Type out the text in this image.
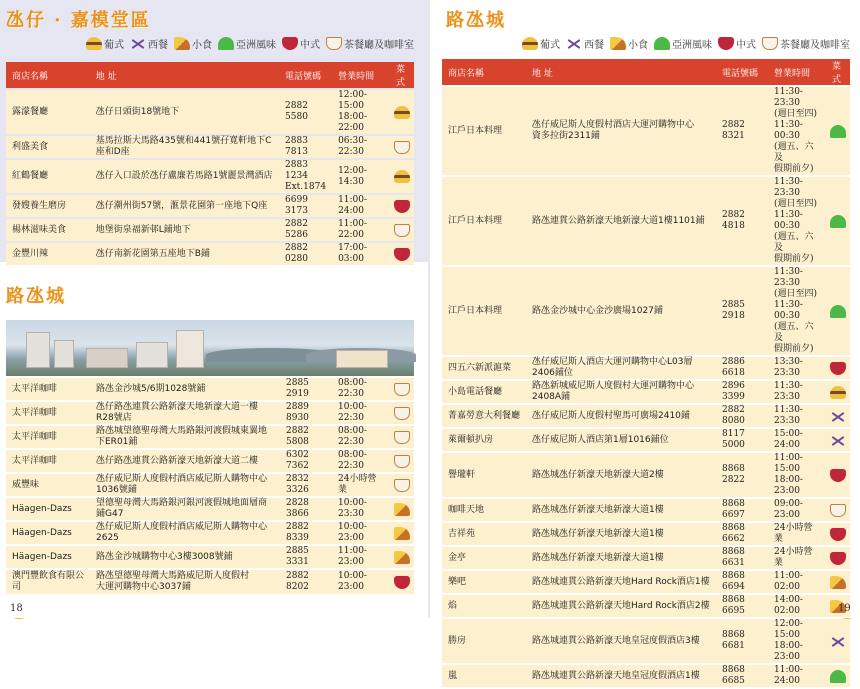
氹仔 · 嘉模堂區
葡式 西餐 小食 亞洲風味 中式 茶餐廳及咖啡室
商店名稱	地 址	電話號碼	營業時間	菜式
露濛餐廳	氹仔日頭街18號地下	2882 5580	12:00-15:00
18:00-22:00	
利盛美食	基馬拉斯大馬路435號和441號孖寬軒地下C座和D座	2883 7813	06:30-22:30	
紅鶴餐廳	氹仔入口設於氹仔盧廉若馬路1號麗景灣酒店	2883 1234
Ext.1874	12:00-14:30	
發嫂養生磨房	氹仔潮州街57號，滙景花園第一座地下Q座	6699 3173	11:00-24:00	
楊林滋味美食	地堡街泉福新邨L鋪地下	2882 5286	11:00-22:00	
金豐川辣	氹仔南新花園第五座地下B鋪	2882 0280	17:00-03:00	
路氹城
太平洋咖啡	路氹金沙城5/6期1028號鋪	2885 2919	08:00-22:30	
太平洋咖啡	氹仔路氹連貫公路新濠天地新濠大道一樓R28號店	2889 8930	10:00-22:30	
太平洋咖啡	路氹城望德聖母灣大馬路銀河渡假城東翼地下ER01鋪	2882 5808	08:00-22:30	
太平洋咖啡	氹仔路氹連貫公路新濠天地新濠大道二樓	6302 7362	08:00-22:30	
威豐味	氹仔威尼斯人度假村酒店威尼斯人購物中心1036號鋪	2832 3326	24小時營業	
Häagen-Dazs	望德聖母灣大馬路銀河銀河渡假城地面層商鋪G47	2828 3866	10:00-23:30	
Häagen-Dazs	氹仔威尼斯人度假村酒店威尼斯人購物中心2625	2882 8339	10:00-23:00	
Häagen-Dazs	路氹金沙城購物中心3樓3008號鋪	2885 3331	11:00-23:00	
澳門豐飲食有限公司	路氹望德聖母灣大馬路威尼斯人度假村
大運河購物中心3037鋪	2882 8202	10:00-23:00	
18
路氹城
葡式 西餐 小食 亞洲風味 中式 茶餐廳及咖啡室
商店名稱	地 址	電話號碼	營業時間	菜式
江戶日本料理	氹仔威尼斯人度假村酒店大運河購物中心
資多拉街2311鋪	2882 8321	11:30-23:30
(週日至四)
11:30-00:30
(週五、六及
假期前夕)	
江戶日本料理	路氹連貫公路新濠天地新濠大道1樓1101鋪	2882 4818	11:30-23:30
(週日至四)
11:30-00:30
(週五、六及
假期前夕)	
江戶日本料理	路氹金沙城中心金沙廣場1027鋪	2885 2918	11:30-23:30
(週日至四)
11:30-00:30
(週五、六及
假期前夕)	
四五六新派滬菜	氹仔威尼斯人酒店大運河購物中心L03層2406鋪位	2886 6618	13:30-23:30	
小島電話餐廳	路氹新城威尼斯人度假村大運河購物中心2408A鋪	2896 3399	11:30-23:30	
菁嘉勞意大利餐廳	氹仔威尼斯人度假村聖馬可廣場2410鋪	2882 8080	11:30-23:30	
萊爾頓扒房	氹仔威尼斯人酒店第1層1016鋪位	8117 5000	15:00-24:00	
譽瓏軒	路氹城氹仔新濠天地新濠大道2樓	8868 2822	11:00-15:00
18:00-23:00	
咖啡天地	路氹城氹仔新濠天地新濠大道1樓	8868 6697	09:00-23:00	
吉祥苑	路氹城氹仔新濠天地新濠大道1樓	8868 6662	24小時營業	
金亭	路氹城氹仔新濠天地新濠大道1樓	8868 6631	24小時營業	
樂吧	路氹城連貫公路新濠天地Hard Rock酒店1樓	8868 6694	11:00-02:00	
焰	路氹城連貫公路新濠天地Hard Rock酒店2樓	8868 6695	14:00-02:00	
勝房	路氹城連貫公路新濠天地皇冠度假酒店3樓	8868 6681	12:00-15:00
18:00-23:00	
嵐	路氹城連貫公路新濠天地皇冠度假酒店1樓	8868 6685	11:00-24:00	
19
